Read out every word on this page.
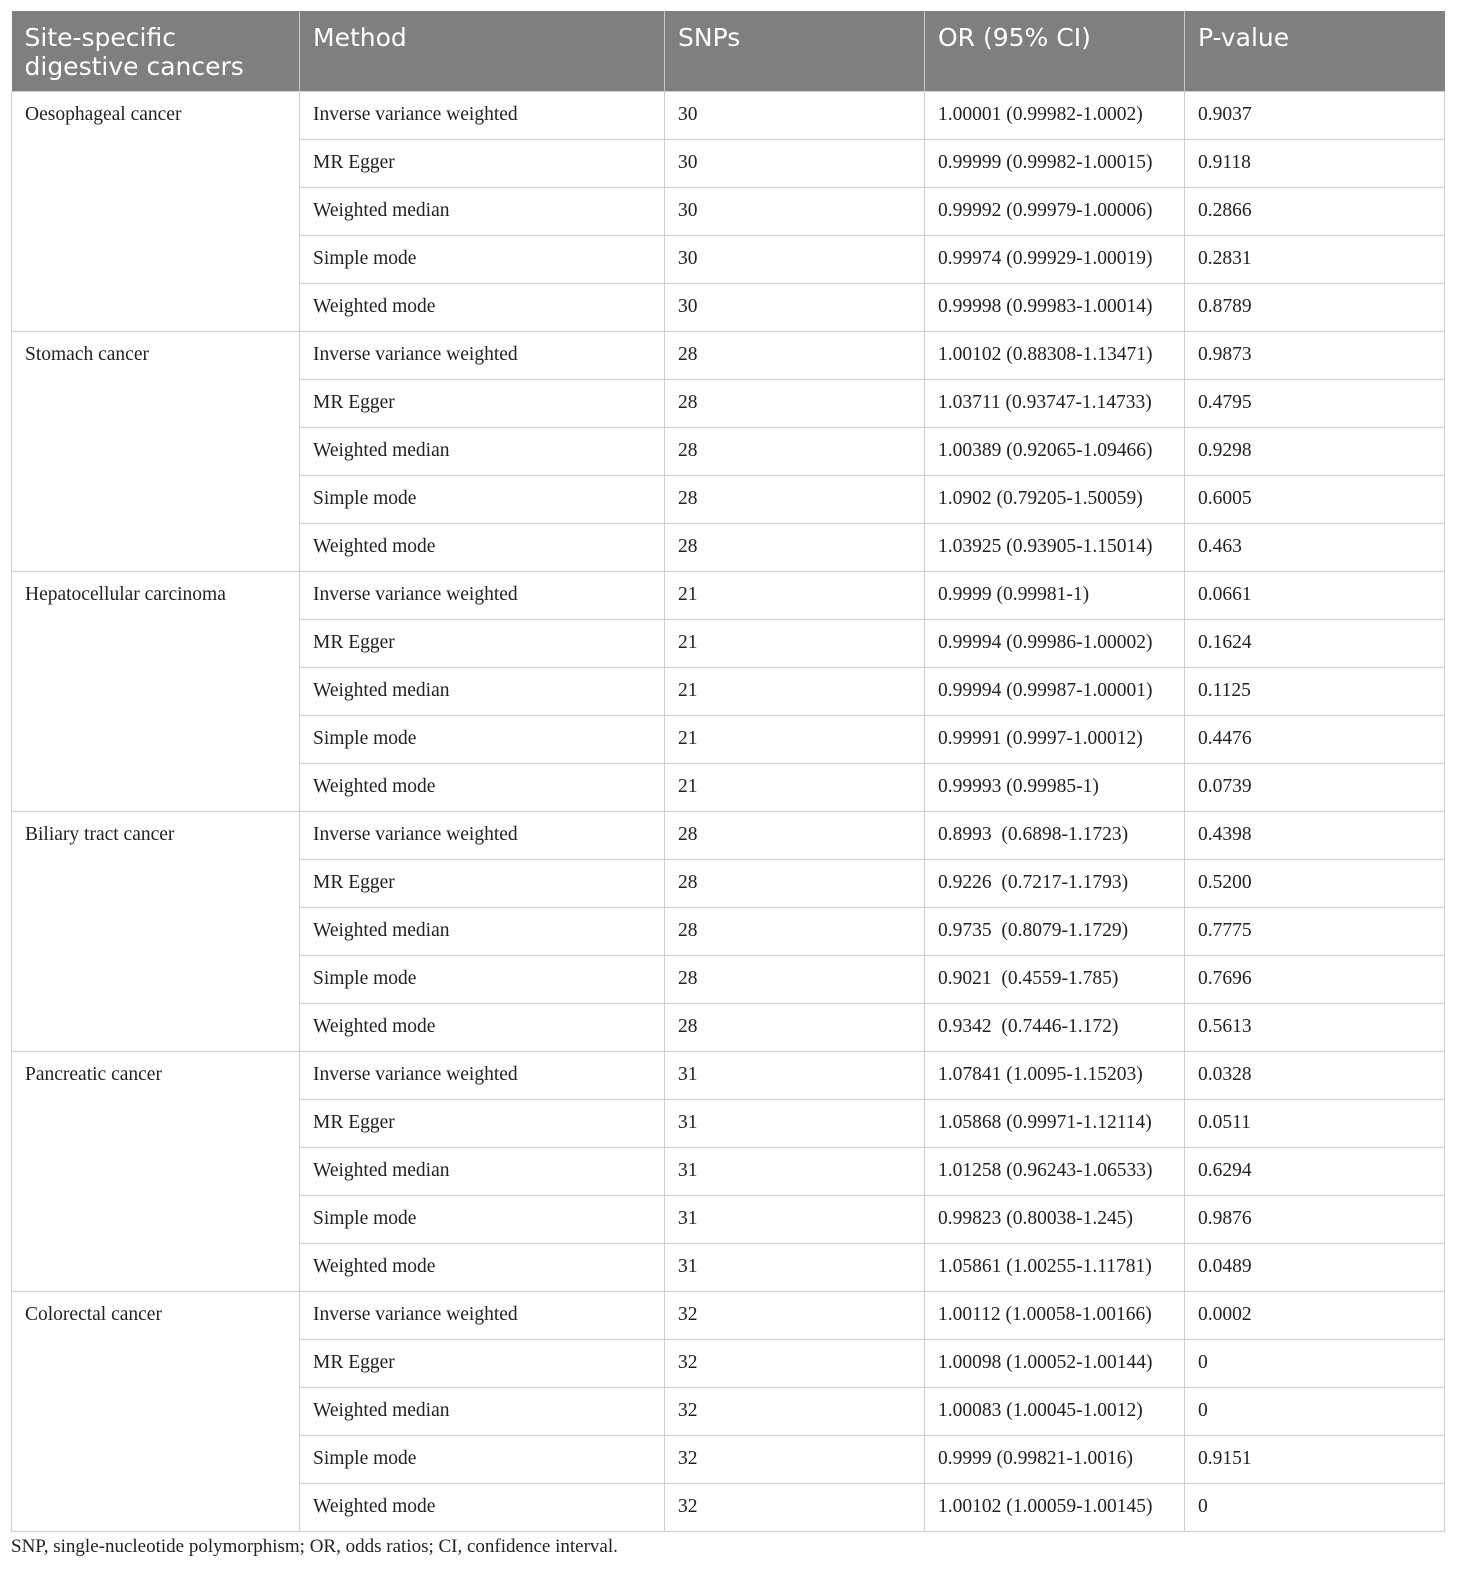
Site-specific digestive cancers	Method	SNPs	OR (95% CI)	P-value
Oesophageal cancer	Inverse variance weighted	30	1.00001 (0.99982-1.0002)	0.9037
	MR Egger	30	0.99999 (0.99982-1.00015)	0.9118
	Weighted median	30	0.99992 (0.99979-1.00006)	0.2866
	Simple mode	30	0.99974 (0.99929-1.00019)	0.2831
	Weighted mode	30	0.99998 (0.99983-1.00014)	0.8789
Stomach cancer	Inverse variance weighted	28	1.00102 (0.88308-1.13471)	0.9873
	MR Egger	28	1.03711 (0.93747-1.14733)	0.4795
	Weighted median	28	1.00389 (0.92065-1.09466)	0.9298
	Simple mode	28	1.0902 (0.79205-1.50059)	0.6005
	Weighted mode	28	1.03925 (0.93905-1.15014)	0.463
Hepatocellular carcinoma	Inverse variance weighted	21	0.9999 (0.99981-1)	0.0661
	MR Egger	21	0.99994 (0.99986-1.00002)	0.1624
	Weighted median	21	0.99994 (0.99987-1.00001)	0.1125
	Simple mode	21	0.99991 (0.9997-1.00012)	0.4476
	Weighted mode	21	0.99993 (0.99985-1)	0.0739
Biliary tract cancer	Inverse variance weighted	28	0.8993  (0.6898-1.1723)	0.4398
	MR Egger	28	0.9226  (0.7217-1.1793)	0.5200
	Weighted median	28	0.9735  (0.8079-1.1729)	0.7775
	Simple mode	28	0.9021  (0.4559-1.785)	0.7696
	Weighted mode	28	0.9342  (0.7446-1.172)	0.5613
Pancreatic cancer	Inverse variance weighted	31	1.07841 (1.0095-1.15203)	0.0328
	MR Egger	31	1.05868 (0.99971-1.12114)	0.0511
	Weighted median	31	1.01258 (0.96243-1.06533)	0.6294
	Simple mode	31	0.99823 (0.80038-1.245)	0.9876
	Weighted mode	31	1.05861 (1.00255-1.11781)	0.0489
Colorectal cancer	Inverse variance weighted	32	1.00112 (1.00058-1.00166)	0.0002
	MR Egger	32	1.00098 (1.00052-1.00144)	0
	Weighted median	32	1.00083 (1.00045-1.0012)	0
	Simple mode	32	0.9999 (0.99821-1.0016)	0.9151
	Weighted mode	32	1.00102 (1.00059-1.00145)	0
SNP, single-nucleotide polymorphism; OR, odds ratios; CI, confidence interval.
